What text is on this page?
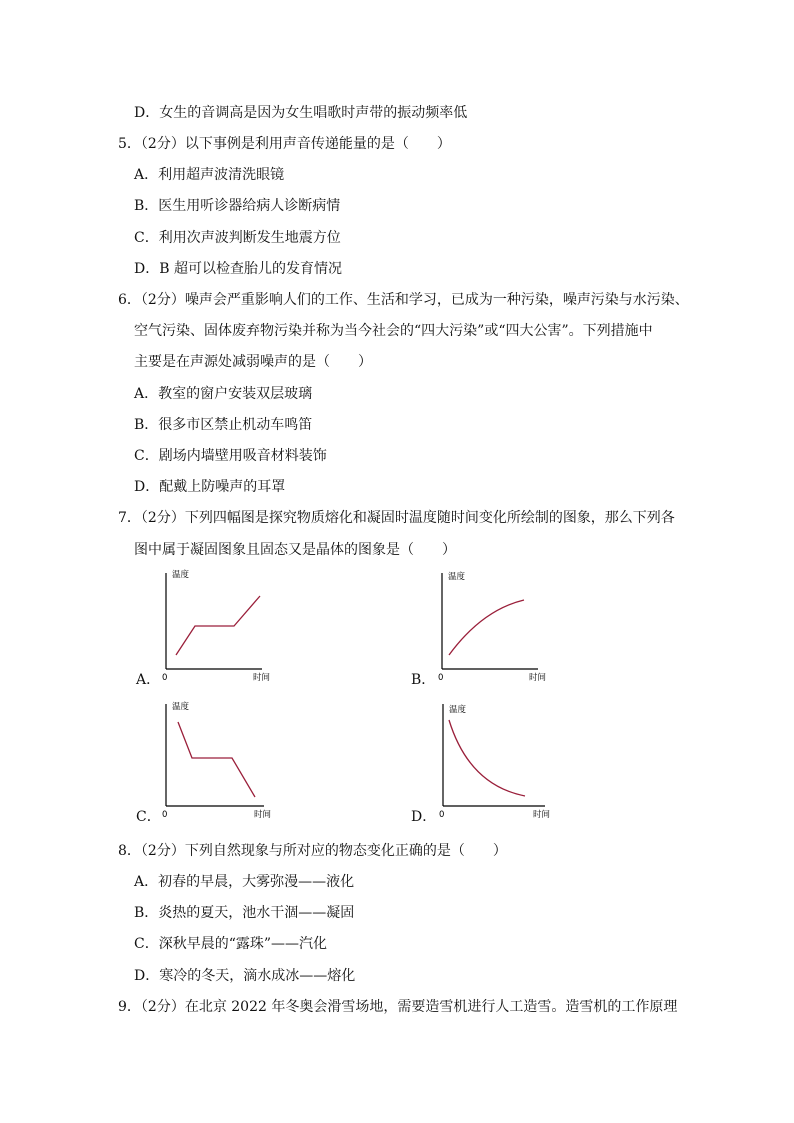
D．女生的音调高是因为女生唱歌时声带的振动频率低
5．（2分）以下事例是利用声音传递能量的是（　　）
A．利用超声波清洗眼镜
B．医生用听诊器给病人诊断病情
C．利用次声波判断发生地震方位
D．B 超可以检查胎儿的发育情况
6．（2分）噪声会严重影响人们的工作、生活和学习，已成为一种污染，噪声污染与水污染、
空气污染、固体废弃物污染并称为当今社会的“四大污染”或“四大公害”。下列措施中
主要是在声源处减弱噪声的是（　　）
A．教室的窗户安装双层玻璃
B．很多市区禁止机动车鸣笛
C．剧场内墙壁用吸音材料装饰
D．配戴上防噪声的耳罩
7．（2分）下列四幅图是探究物质熔化和凝固时温度随时间变化所绘制的图象，那么下列各
图中属于凝固图象且固态又是晶体的图象是（　　）
温度
时间
0
A．
温度
时间
0
B．
温度
时间
0
C．
温度
时间
0
D．
8．（2分）下列自然现象与所对应的物态变化正确的是（　　）
A．初春的早晨，大雾弥漫——液化
B．炎热的夏天，池水干涸——凝固
C．深秋早晨的“露珠”——汽化
D．寒冷的冬天，滴水成冰——熔化
9．（2分）在北京 2022 年冬奥会滑雪场地，需要造雪机进行人工造雪。造雪机的工作原理
